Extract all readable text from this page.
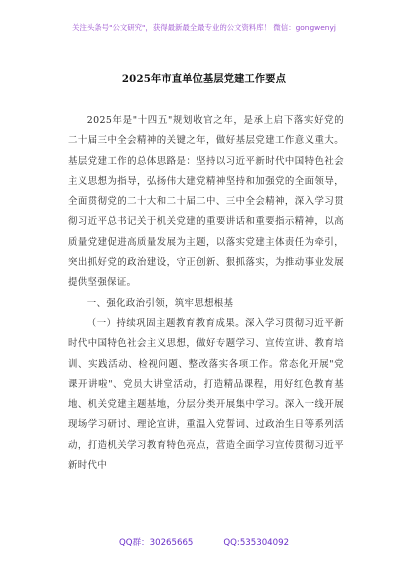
关注头条号"公文研究"，获得最新最全最专业的公文资料库！ 微信：gongwenyj
2025年市直单位基层党建工作要点

2025年是"十四五"规划收官之年，是承上启下落实好党的二十届三中全会精神的关键之年，做好基层党建工作意义重大。基层党建工作的总体思路是：坚持以习近平新时代中国特色社会主义思想为指导，弘扬伟大建党精神坚持和加强党的全面领导，全面贯彻党的二十大和二十届二中、三中全会精神，深入学习贯彻习近平总书记关于机关党建的重要讲话和重要指示精神，以高质量党建促进高质量发展为主题，以落实党建主体责任为牵引，突出抓好党的政治建设，守正创新、狠抓落实，为推动事业发展提供坚强保证。

一、强化政治引领，筑牢思想根基

（一）持续巩固主题教育教育成果。深入学习贯彻习近平新时代中国特色社会主义思想，做好专题学习、宣传宣讲、教育培训、实践活动、检视问题、整改落实各项工作。常态化开展"党课开讲啦"、党员大讲堂活动，打造精品课程，用好红色教育基地、机关党建主题基地，分层分类开展集中学习。深入一线开展现场学习研讨、理论宣讲，重温入党誓词、过政治生日等系列活动，打造机关学习教育特色亮点，营造全面学习宣传贯彻习近平新时代中

QQ群：30265665	QQ:535304092
